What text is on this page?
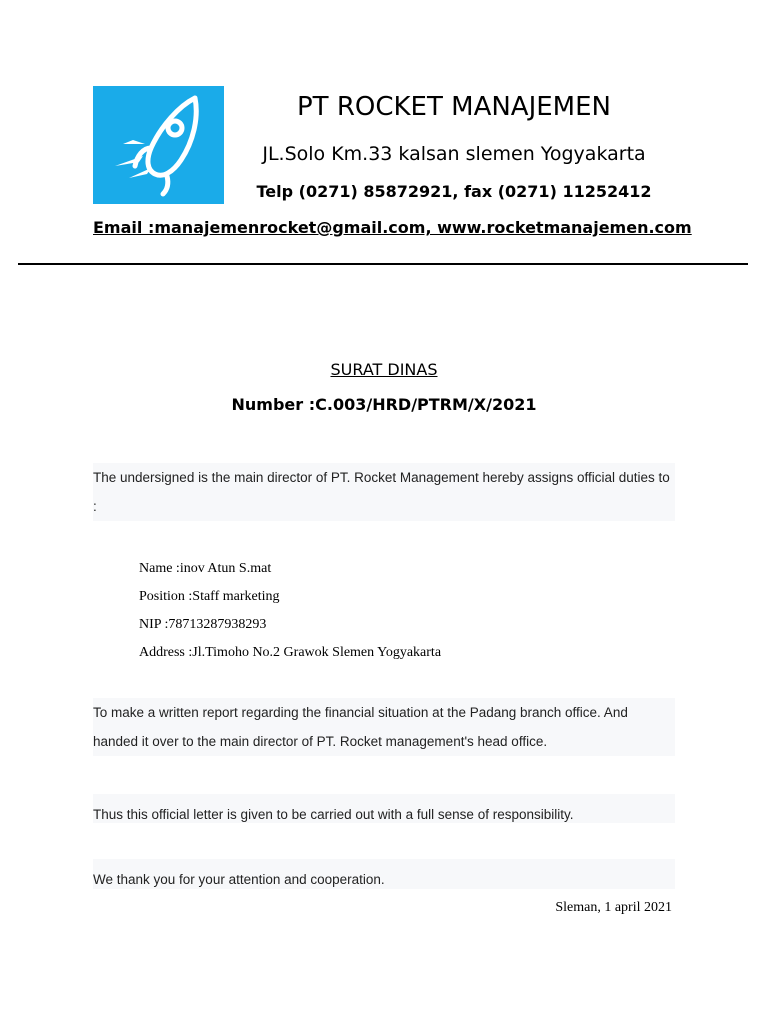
PT ROCKET MANAJEMEN
JL.Solo Km.33 kalsan slemen Yogyakarta
Telp (0271) 85872921, fax (0271) 11252412
Email :manajemenrocket@gmail.com, www.rocketmanajemen.com
SURAT DINAS
Number :C.003/HRD/PTRM/X/2021
The undersigned is the main director of PT. Rocket Management hereby assigns official duties to :
Name :inov Atun S.mat
Position :Staff marketing
NIP :78713287938293
Address :Jl.Timoho No.2 Grawok Slemen Yogyakarta
To make a written report regarding the financial situation at the Padang branch office. And handed it over to the main director of PT. Rocket management's head office.
Thus this official letter is given to be carried out with a full sense of responsibility.
We thank you for your attention and cooperation.
Sleman, 1 april 2021
